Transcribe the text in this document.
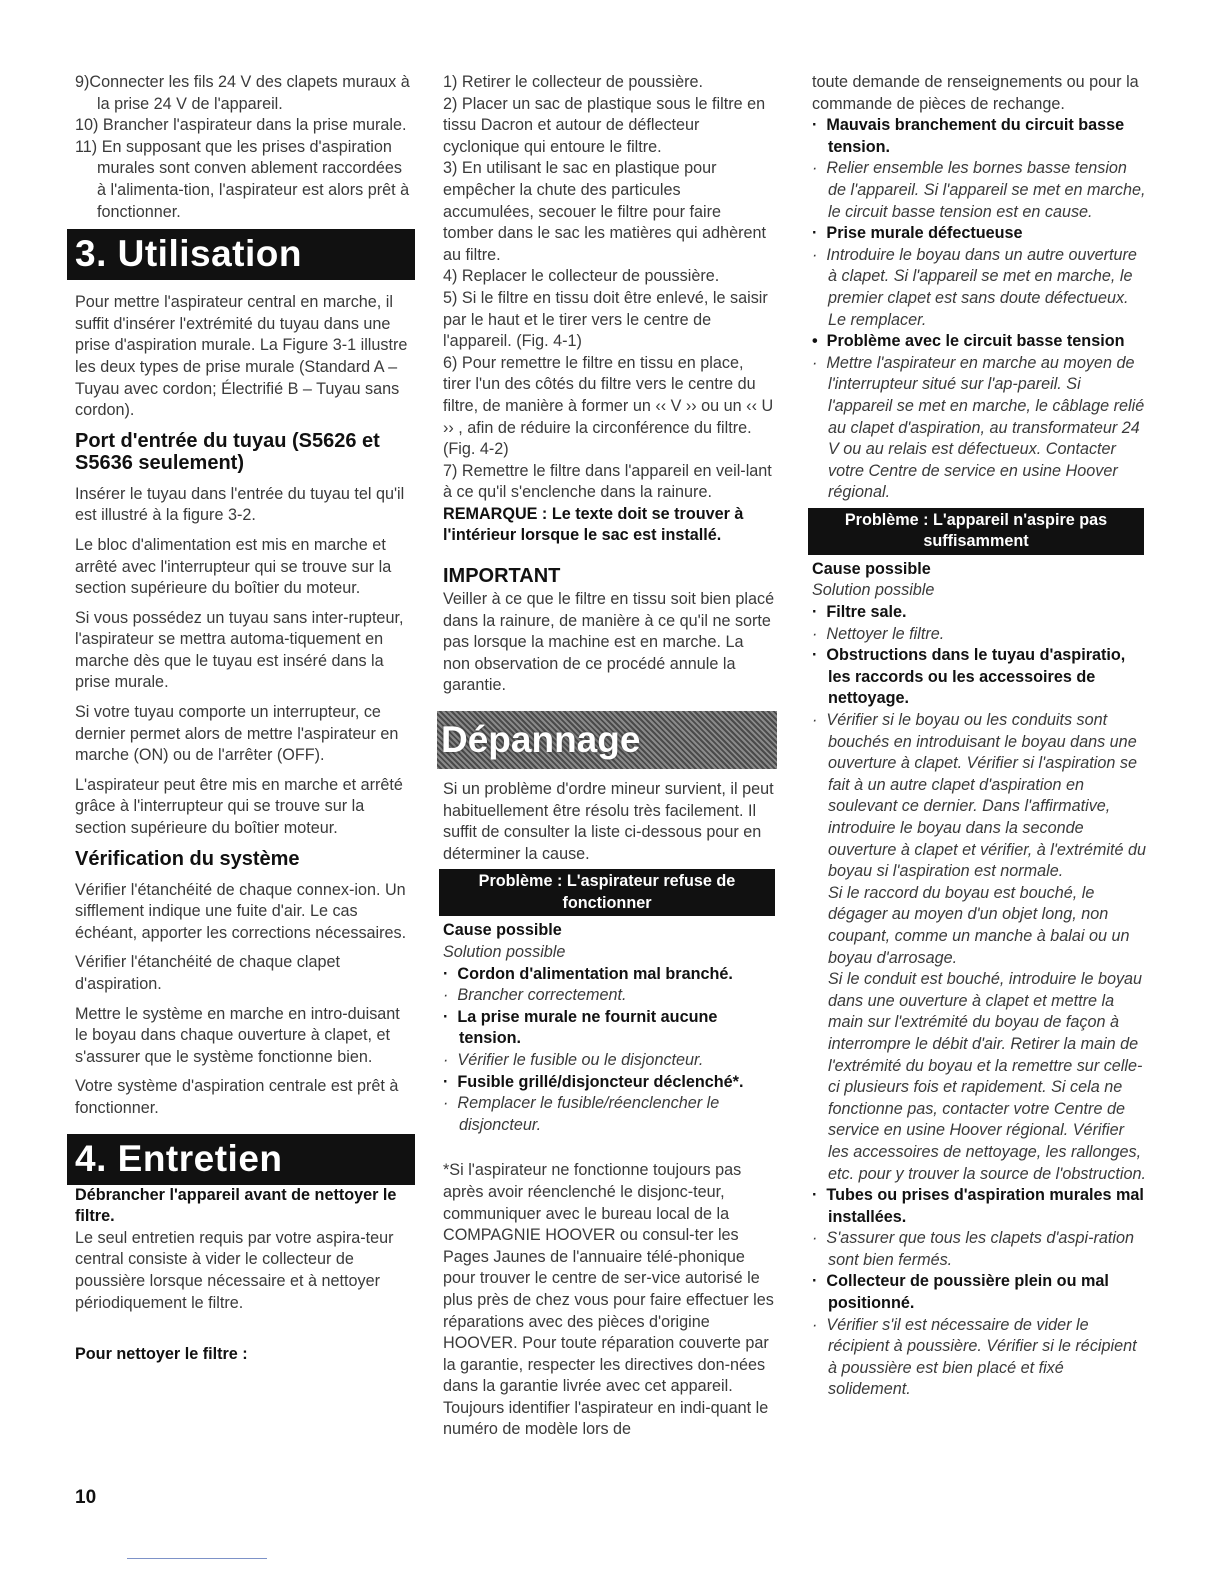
9)Connecter les fils 24 V des clapets muraux à la prise 24 V de l'appareil.

10) Brancher l'aspirateur dans la prise murale.

11) En supposant que les prises d'aspiration murales sont conven ablement raccordées à l'alimenta-tion, l'aspirateur est alors prêt à fonctionner.

3. Utilisation

Pour mettre l'aspirateur central en marche, il suffit d'insérer l'extrémité du tuyau dans une prise d'aspiration murale. La Figure 3-1 illustre les deux types de prise murale (Standard A – Tuyau avec cordon; Électrifié B – Tuyau sans cordon).

Port d'entrée du tuyau (S5626 et S5636 seulement)

Insérer le tuyau dans l'entrée du tuyau tel qu'il est illustré à la figure 3-2.

Le bloc d'alimentation est mis en marche et arrêté avec l'interrupteur qui se trouve sur la section supérieure du boîtier du moteur.

Si vous possédez un tuyau sans inter-rupteur, l'aspirateur se mettra automa-tiquement en marche dès que le tuyau est inséré dans la prise murale.

Si votre tuyau comporte un interrupteur, ce dernier permet alors de mettre l'aspirateur en marche (ON) ou de l'arrêter (OFF).

L'aspirateur peut être mis en marche et arrêté grâce à l'interrupteur qui se trouve sur la section supérieure du boîtier moteur.

Vérification du système

Vérifier l'étanchéité de chaque connex-ion. Un sifflement indique une fuite d'air. Le cas échéant, apporter les corrections nécessaires.

Vérifier l'étanchéité de chaque clapet d'aspiration.

Mettre le système en marche en intro-duisant le boyau dans chaque ouverture à clapet, et s'assurer que le système fonctionne bien.

Votre système d'aspiration centrale est prêt à fonctionner.

4. Entretien

Débrancher l'appareil avant de nettoyer le filtre.

Le seul entretien requis par votre aspira-teur central consiste à vider le collecteur de poussière lorsque nécessaire et à nettoyer périodiquement le filtre.

Pour nettoyer le filtre :

1) Retirer le collecteur de poussière.

2) Placer un sac de plastique sous le filtre en tissu Dacron et autour de déflecteur cyclonique qui entoure le filtre.

3) En utilisant le sac en plastique pour empêcher la chute des particules accumulées, secouer le filtre pour faire tomber dans le sac les matières qui adhèrent au filtre.

4) Replacer le collecteur de poussière.

5) Si le filtre en tissu doit être enlevé, le saisir par le haut et le tirer vers le centre de l'appareil. (Fig. 4-1)

6) Pour remettre le filtre en tissu en place, tirer l'un des côtés du filtre vers le centre du filtre, de manière à former un ‹‹ V ›› ou un ‹‹ U ›› , afin de réduire la circonférence du filtre. (Fig. 4-2)

7) Remettre le filtre dans l'appareil en veil-lant à ce qu'il s'enclenche dans la rainure.

REMARQUE : Le texte doit se trouver à l'intérieur lorsque le sac est installé.

IMPORTANT

Veiller à ce que le filtre en tissu soit bien placé dans la rainure, de manière à ce qu'il ne sorte pas lorsque la machine est en marche. La non observation de ce procédé annule la garantie.

Dépannage

Si un problème d'ordre mineur survient, il peut habituellement être résolu très facilement. Il suffit de consulter la liste ci-dessous pour en déterminer la cause.

Problème : L'aspirateur refuse de fonctionner

Cause possible

Solution possible

·  Cordon d'alimentation mal branché.

·  Brancher correctement.

·  La prise murale ne fournit aucune tension.

·  Vérifier le fusible ou le disjoncteur.

·  Fusible grillé/disjoncteur déclenché*.

·  Remplacer le fusible/réenclencher le disjoncteur.

*Si l'aspirateur ne fonctionne toujours pas après avoir réenclenché le disjonc-teur, communiquer avec le bureau local de la COMPAGNIE HOOVER ou consul-ter les Pages Jaunes de l'annuaire télé-phonique pour trouver le centre de ser-vice autorisé le plus près de chez vous pour faire effectuer les réparations avec des pièces d'origine HOOVER. Pour toute réparation couverte par la garantie, respecter les directives don-nées dans la garantie livrée avec cet appareil.

Toujours identifier l'aspirateur en indi-quant le numéro de modèle lors de

toute demande de renseignements ou pour la commande de pièces de rechange.

·  Mauvais branchement du circuit basse tension.

·  Relier ensemble les bornes basse tension de l'appareil. Si l'appareil se met en marche, le circuit basse tension est en cause.

·  Prise murale défectueuse

·  Introduire le boyau dans un autre ouverture à clapet. Si l'appareil se met en marche, le premier clapet est sans doute défectueux. Le remplacer.

•  Problème avec le circuit basse tension

·  Mettre l'aspirateur en marche au moyen de l'interrupteur situé sur l'ap-pareil. Si l'appareil se met en marche, le câblage relié au clapet d'aspiration, au transformateur 24 V ou au relais est défectueux. Contacter votre Centre de service en usine Hoover régional.

Problème : L'appareil n'aspire pas suffisamment

Cause possible

Solution possible

·  Filtre sale.

·  Nettoyer le filtre.

·  Obstructions dans le tuyau d'aspiratio, les raccords ou les accessoires de nettoyage.

·  Vérifier si le boyau ou les conduits sont bouchés en introduisant le boyau dans une ouverture à clapet. Vérifier si l'aspiration se fait à un autre clapet d'aspiration en soulevant ce dernier. Dans l'affirmative, introduire le boyau dans la seconde ouverture à clapet et vérifier, à l'extrémité du boyau si l'aspiration est normale.

Si le raccord du boyau est bouché, le dégager au moyen d'un objet long, non coupant, comme un manche à balai ou un boyau d'arrosage.

Si le conduit est bouché, introduire le boyau dans une ouverture à clapet et mettre la main sur l'extrémité du boyau de façon à interrompre le débit d'air. Retirer la main de l'extrémité du boyau et la remettre sur celle-ci plusieurs fois et rapidement. Si cela ne fonctionne pas, contacter votre Centre de service en usine Hoover régional. Vérifier les accessoires de nettoyage, les rallonges, etc. pour y trouver la source de l'obstruction.

·  Tubes ou prises d'aspiration murales mal installées.

·  S'assurer que tous les clapets d'aspi-ration sont bien fermés.

·  Collecteur de poussière plein ou mal positionné.

·  Vérifier s'il est nécessaire de vider le récipient à poussière. Vérifier si le récipient à poussière est bien placé et fixé solidement.

10
